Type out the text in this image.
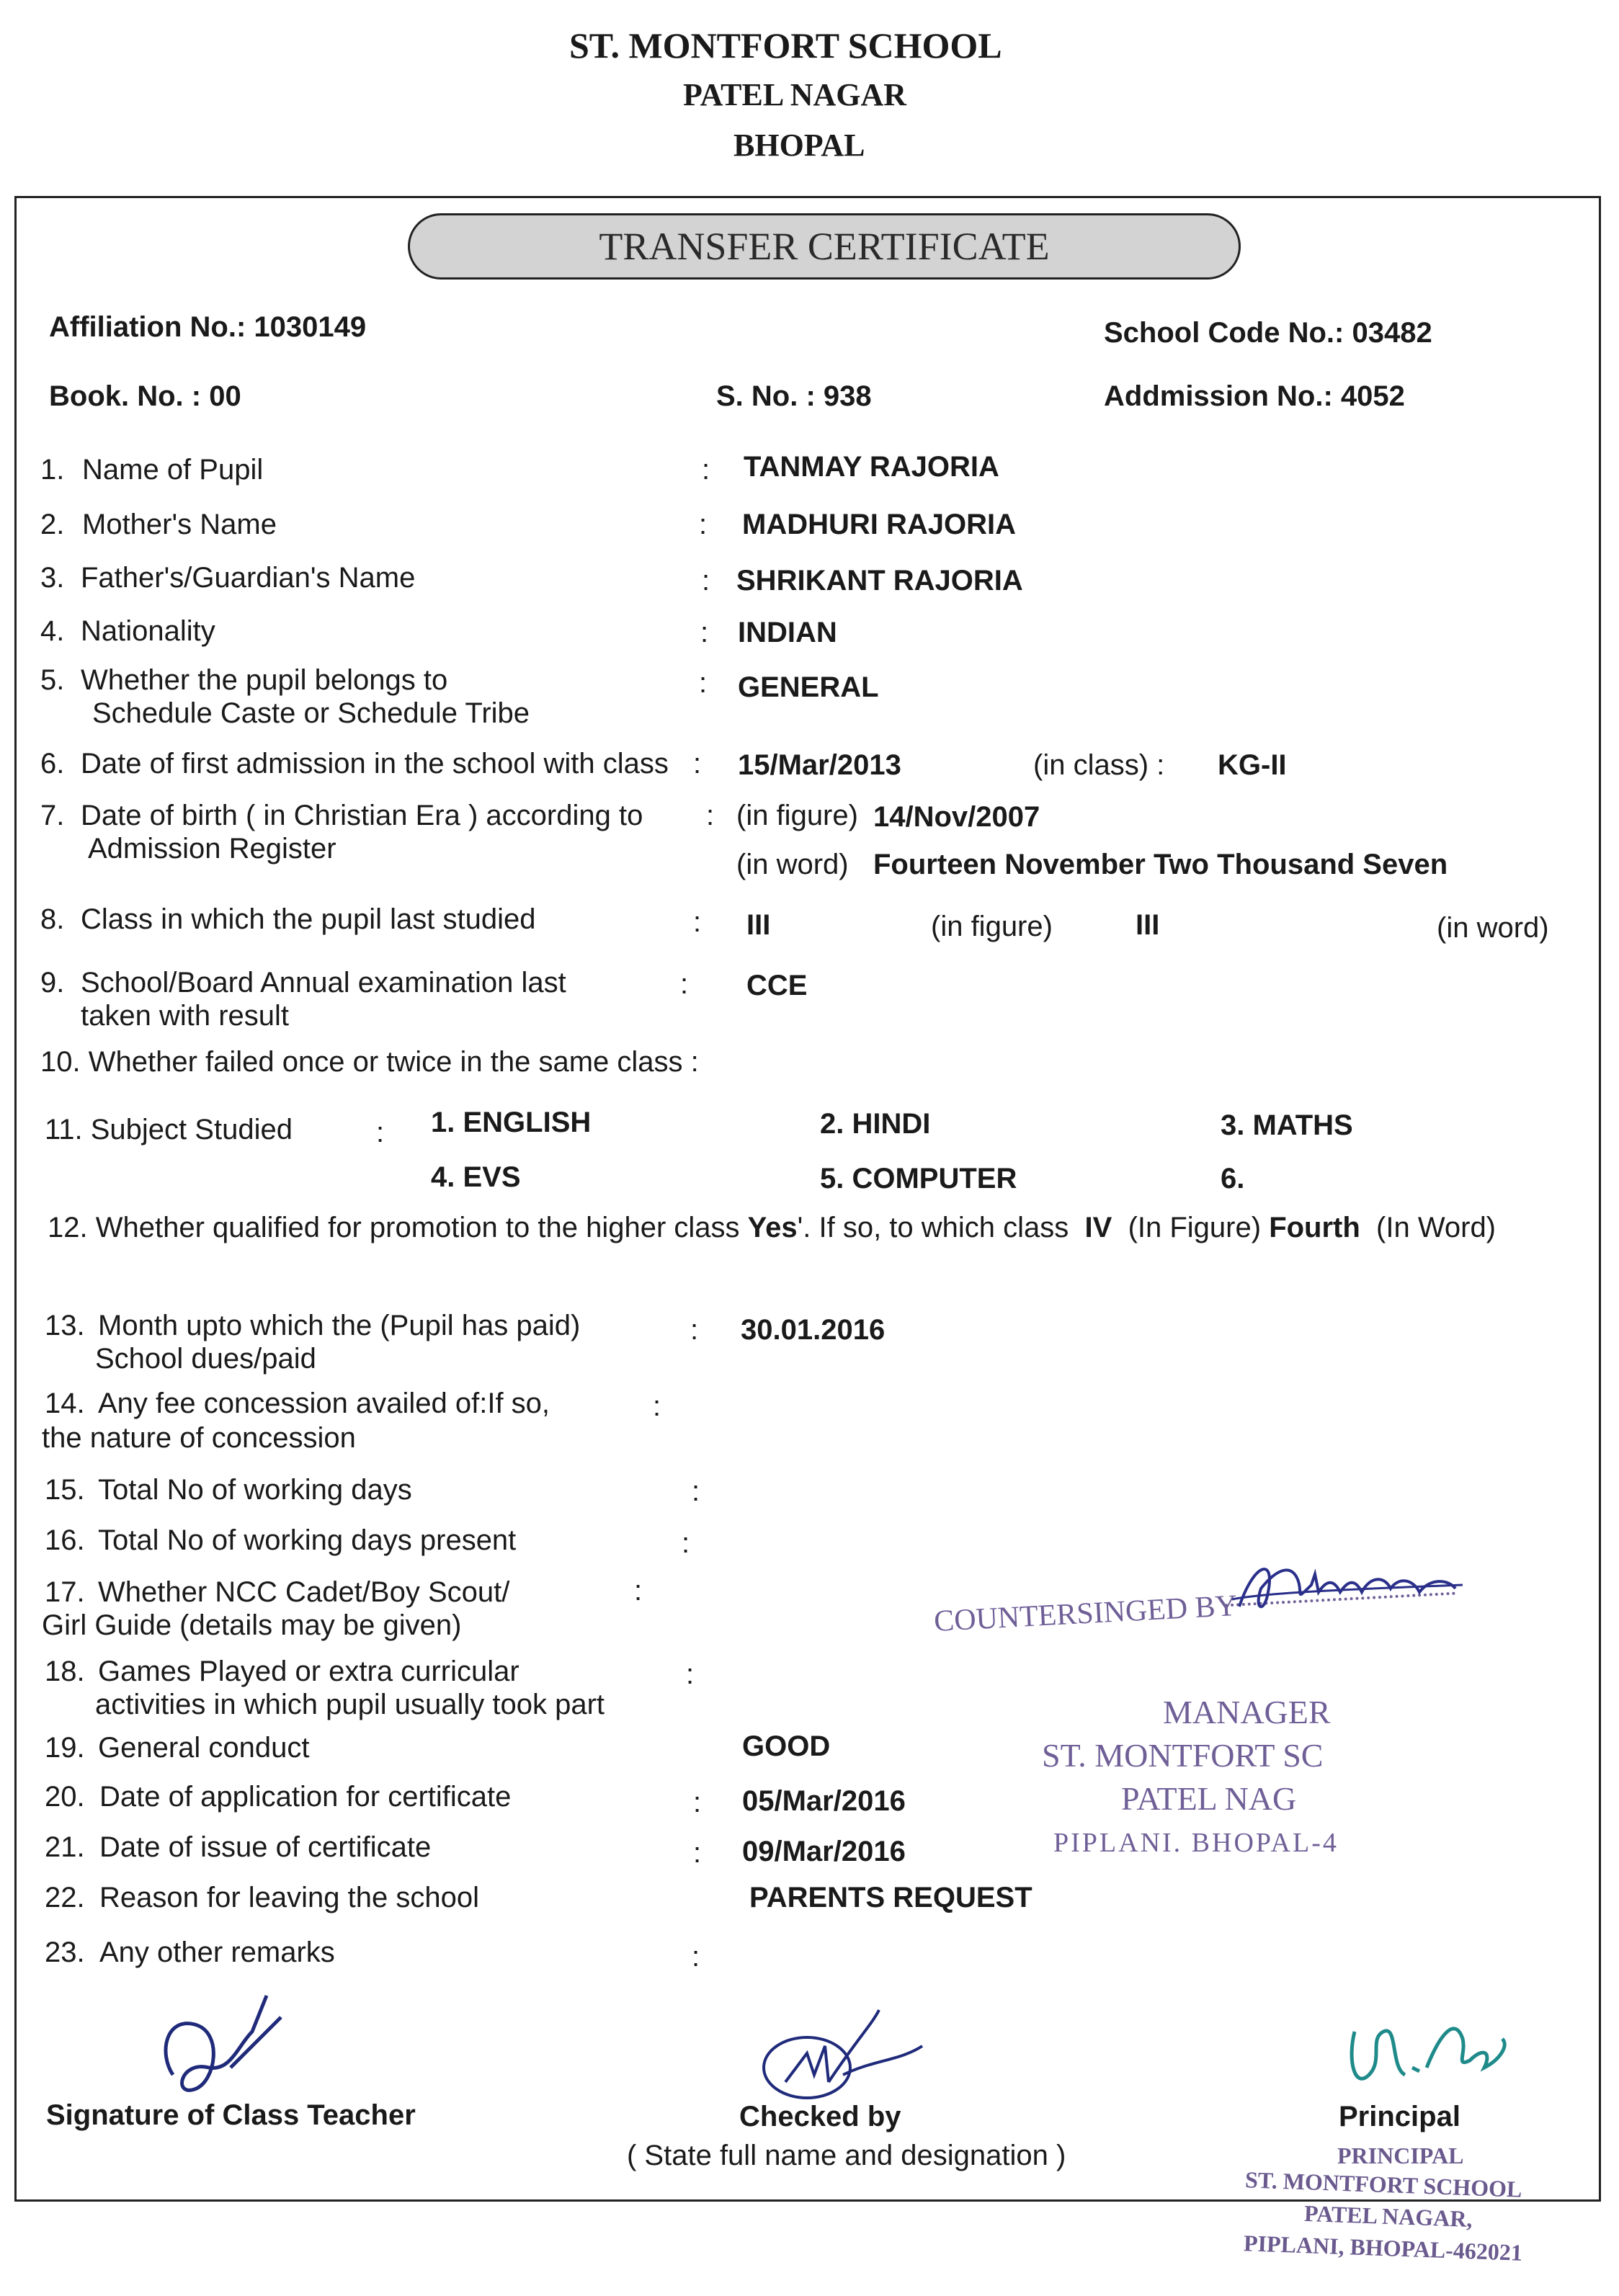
ST. MONTFORT SCHOOL
PATEL NAGAR
BHOPAL
TRANSFER CERTIFICATE
Affiliation No.: 1030149	School Code No.: 03482
Book. No. : 00	S. No. : 938	Addmission No.: 4052
1. Name of Pupil	: TANMAY RAJORIA
2. Mother's Name	: MADHURI RAJORIA
3. Father's/Guardian's Name	: SHRIKANT RAJORIA
4. Nationality	: INDIAN
5. Whether the pupil belongs to
Schedule Caste or Schedule Tribe
: GENERAL
6. Date of first admission in the school with class : 15/Mar/2013	(in class) : KG-II
7. Date of birth ( in Christian Era ) according to
Admission Register
: (in figure) 14/Nov/2007
(in word) Fourteen November Two Thousand Seven
8. Class in which the pupil last studied	: III	(in figure)	III	(in word)
9. School/Board Annual examination last
taken with result
: CCE
10. Whether failed once or twice in the same class :
11. Subject Studied	: 1. ENGLISH	2. HINDI	3. MATHS
4. EVS	5. COMPUTER	6.
12. Whether qualified for promotion to the higher class Yes'. If so, to which class IV (In Figure) Fourth (In Word)
13. Month upto which the (Pupil has paid)
School dues/paid
: 30.01.2016
14. Any fee concession availed of:If so,
the nature of concession
:
15. Total No of working days	:
16. Total No of working days present	:
17. Whether NCC Cadet/Boy Scout/
Girl Guide (details may be given)
:
18. Games Played or extra curricular
activities in which pupil usually took part
:
19. General conduct	GOOD
20. Date of application for certificate	: 05/Mar/2016
21. Date of issue of certificate	: 09/Mar/2016
22. Reason for leaving the school	PARENTS REQUEST
23. Any other remarks	:
COUNTERSINGED BY
MANAGER
ST. MONTFORT SC
PATEL NAG
PIPLANI. BHOPAL-4
Signature of Class Teacher	Checked by
( State full name and designation )
Principal
PRINCIPAL
ST. MONTFORT SCHOOL
PATEL NAGAR,
PIPLANI, BHOPAL-462021
